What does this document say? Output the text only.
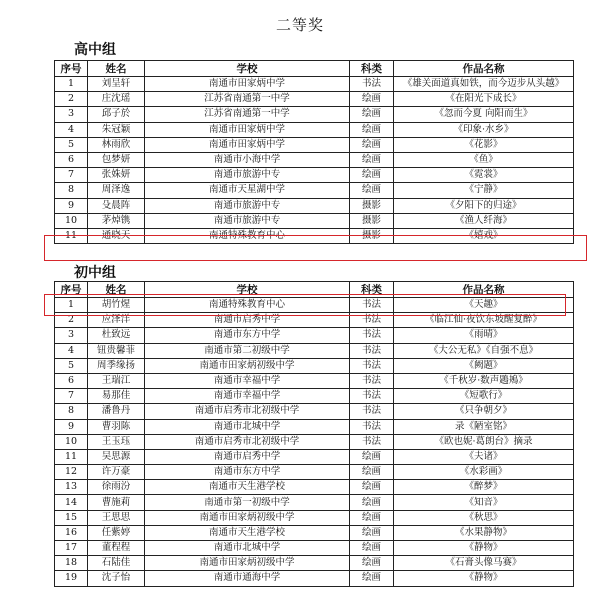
二等奖
高中组
序号	姓名	学校	科类	作品名称
1	刘呈轩	南通市田家炳中学	书法	《雄关面道真如铁，而今迈步从头越》
2	庄沈瑶	江苏省南通第一中学	绘画	《在阳光下成长》
3	邱子於	江苏省南通第一中学	绘画	《忽而今夏 向阳而生》
4	朱冠颖	南通市田家炳中学	绘画	《印象·水乡》
5	林雨欣	南通市田家炳中学	绘画	《花影》
6	包梦妍	南通市小海中学	绘画	《鱼》
7	张姝妍	南通市旅游中专	绘画	《霓裳》
8	周泽逸	南通市天星湖中学	绘画	《宁静》
9	殳晨阵	南通市旅游中专	摄影	《夕阳下的归途》
10	茅焯镌	南通市旅游中专	摄影	《渔人纤海》
11	通晓天	南通特殊教育中心	摄影	《嬉戏》
初中组
序号	姓名	学校	科类	作品名称
1	胡竹煋	南通特殊教育中心	书法	《天趣》
2	应泽洋	南通市启秀中学	书法	《临江仙·夜饮东坡醒复醉》
3	杜致远	南通市东方中学	书法	《雨晴》
4	钮贵馨菲	南通市第二初级中学	书法	《大公无私》《自强不息》
5	周季缘扬	南通市田家炳初级中学	书法	《阙题》
6	王瑞江	南通市幸福中学	书法	《千秋岁·数声鶗鴂》
7	易那佳	南通市幸福中学	书法	《短歌行》
8	潘鲁丹	南通市启秀市北初级中学	书法	《只争朝夕》
9	曹羽陈	南通市北城中学	书法	录《陋室铭》
10	王玉珏	南通市启秀市北初级中学	书法	《欧也妮·葛朗台》摘录
11	吴思源	南通市启秀中学	绘画	《夫诸》
12	许万豪	南通市东方中学	绘画	《水彩画》
13	徐雨汾	南通市天生港学校	绘画	《醉梦》
14	曹施莉	南通市第一初级中学	绘画	《知音》
15	王思思	南通市田家炳初级中学	绘画	《秋思》
16	任紫婷	南通市天生港学校	绘画	《水果静物》
17	董程程	南通市北城中学	绘画	《静物》
18	石陆佳	南通市田家炳初级中学	绘画	《石膏头像马赛》
19	沈子怡	南通市通海中学	绘画	《静物》
